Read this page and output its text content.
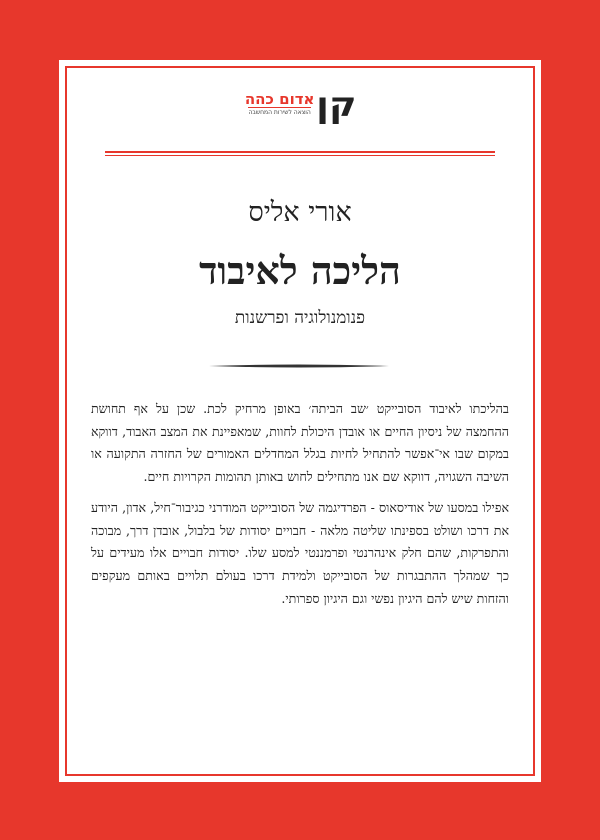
קן
אדום כהה
הוצאה לשירות המחשבה
אורי אליס
הליכה לאיבוד
פנומנולוגיה ופרשנות

בהליכתו לאיבוד הסובייקט ׳שב הביתה׳ באופן מרחיק לכת. שכן על אף תחושת ההחמצה של ניסיון החיים או אובדן היכולת לחוות, שמאפיינת את המצב האבוד, דווקא במקום שבו אי־אפשר להתחיל לחיות בגלל המחדלים האמורים של החזרה התקועה או השיבה השגויה, דווקא שם אנו מתחילים לחוש באותן תהומות הקרויות חיים.

אפילו במסעו של אודיסאוס - הפרדיגמה של הסובייקט המודרני כגיבור־חיל, אדון, היודע את דרכו ושולט בספינתו שליטה מלאה - חבויים יסודות של בלבול, אובדן דרך, מבוכה והתפרקות, שהם חלק אינהרנטי ופרמננטי למסע שלו. יסודות חבויים אלו מעידים על כך שמהלך ההתבגרות של הסובייקט ולמידת דרכו בעולם תלויים באותם מעקפים והזחות שיש להם היגיון נפשי וגם היגיון ספרותי.
